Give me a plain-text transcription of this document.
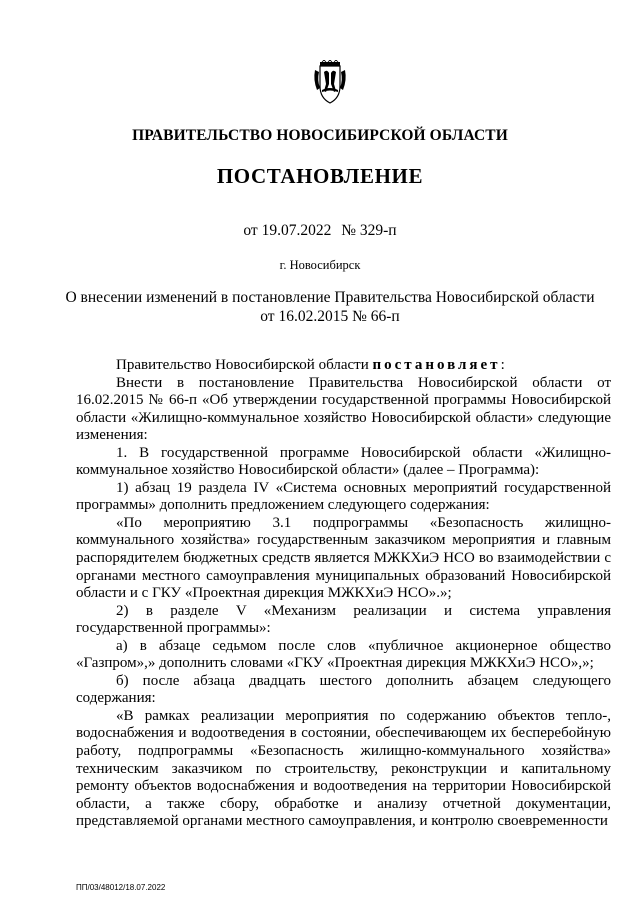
ПРАВИТЕЛЬСТВО НОВОСИБИРСКОЙ ОБЛАСТИ
ПОСТАНОВЛЕНИЕ
от 19.07.2022 № 329-п
г. Новосибирск
О внесении изменений в постановление Правительства Новосибирской области
от 16.02.2015 № 66-п

Правительство Новосибирской области постановляет:

Внести в постановление Правительства Новосибирской области от 16.02.2015 № 66-п «Об утверждении государственной программы Новосибирской области «Жилищно-коммунальное хозяйство Новосибирской области» следующие изменения:

1. В государственной программе Новосибирской области «Жилищно-коммунальное хозяйство Новосибирской области» (далее – Программа):

1) абзац 19 раздела IV «Система основных мероприятий государственной программы» дополнить предложением следующего содержания:

«По мероприятию 3.1 подпрограммы «Безопасность жилищно-коммунального хозяйства» государственным заказчиком мероприятия и главным распорядителем бюджетных средств является МЖКХиЭ НСО во взаимодействии с органами местного самоуправления муниципальных образований Новосибирской области и с ГКУ «Проектная дирекция МЖКХиЭ НСО».»;

2) в разделе V «Механизм реализации и система управления государственной программы»:

а) в абзаце седьмом после слов «публичное акционерное общество «Газпром»,» дополнить словами «ГКУ «Проектная дирекция МЖКХиЭ НСО»,»;

б) после абзаца двадцать шестого дополнить абзацем следующего содержания:

«В рамках реализации мероприятия по содержанию объектов тепло-, водоснабжения и водоотведения в состоянии, обеспечивающем их бесперебойную работу, подпрограммы «Безопасность жилищно-коммунального хозяйства» техническим заказчиком по строительству, реконструкции и капитальному ремонту объектов водоснабжения и водоотведения на территории Новосибирской области, а также сбору, обработке и анализу отчетной документации, представляемой органами местного самоуправления, и контролю своевременности

ПП/03/48012/18.07.2022
